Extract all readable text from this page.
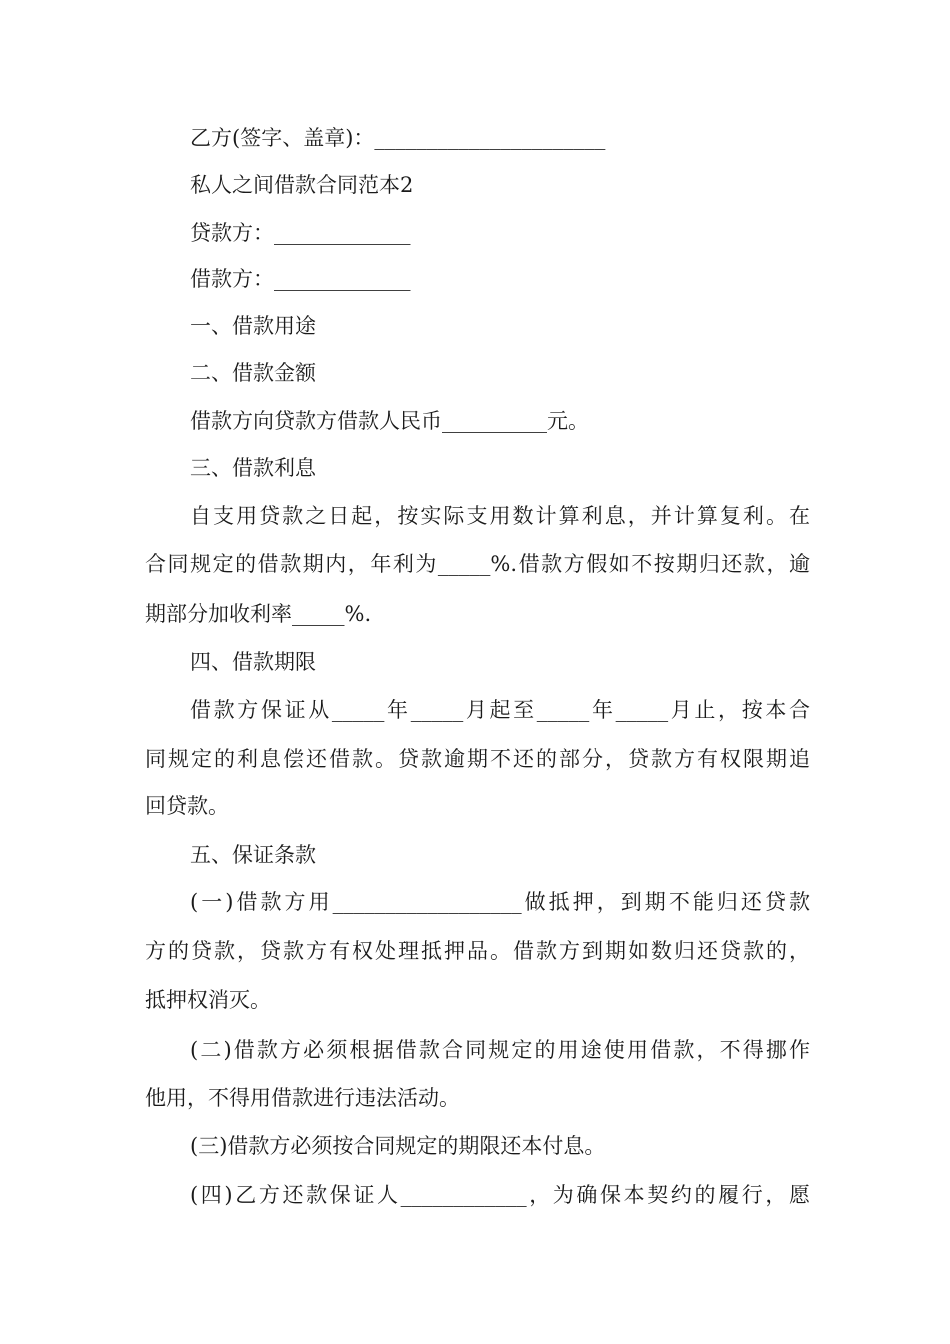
乙方(签字、盖章)：______________________

私人之间借款合同范本2

贷款方：_____________

借款方：_____________

一、借款用途

二、借款金额

借款方向贷款方借款人民币__________元。

三、借款利息

自支用贷款之日起，按实际支用数计算利息，并计算复利。在

合同规定的借款期内，年利为_____%.借款方假如不按期归还款，逾

期部分加收利率_____%.

四、借款期限

借款方保证从_____年_____月起至_____年_____月止，按本合

同规定的利息偿还借款。贷款逾期不还的部分，贷款方有权限期追

回贷款。

五、保证条款

(一)借款方用__________________做抵押，到期不能归还贷款

方的贷款，贷款方有权处理抵押品。借款方到期如数归还贷款的，

抵押权消灭。

(二)借款方必须根据借款合同规定的用途使用借款，不得挪作

他用，不得用借款进行违法活动。

(三)借款方必须按合同规定的期限还本付息。

(四)乙方还款保证人____________，为确保本契约的履行，愿
